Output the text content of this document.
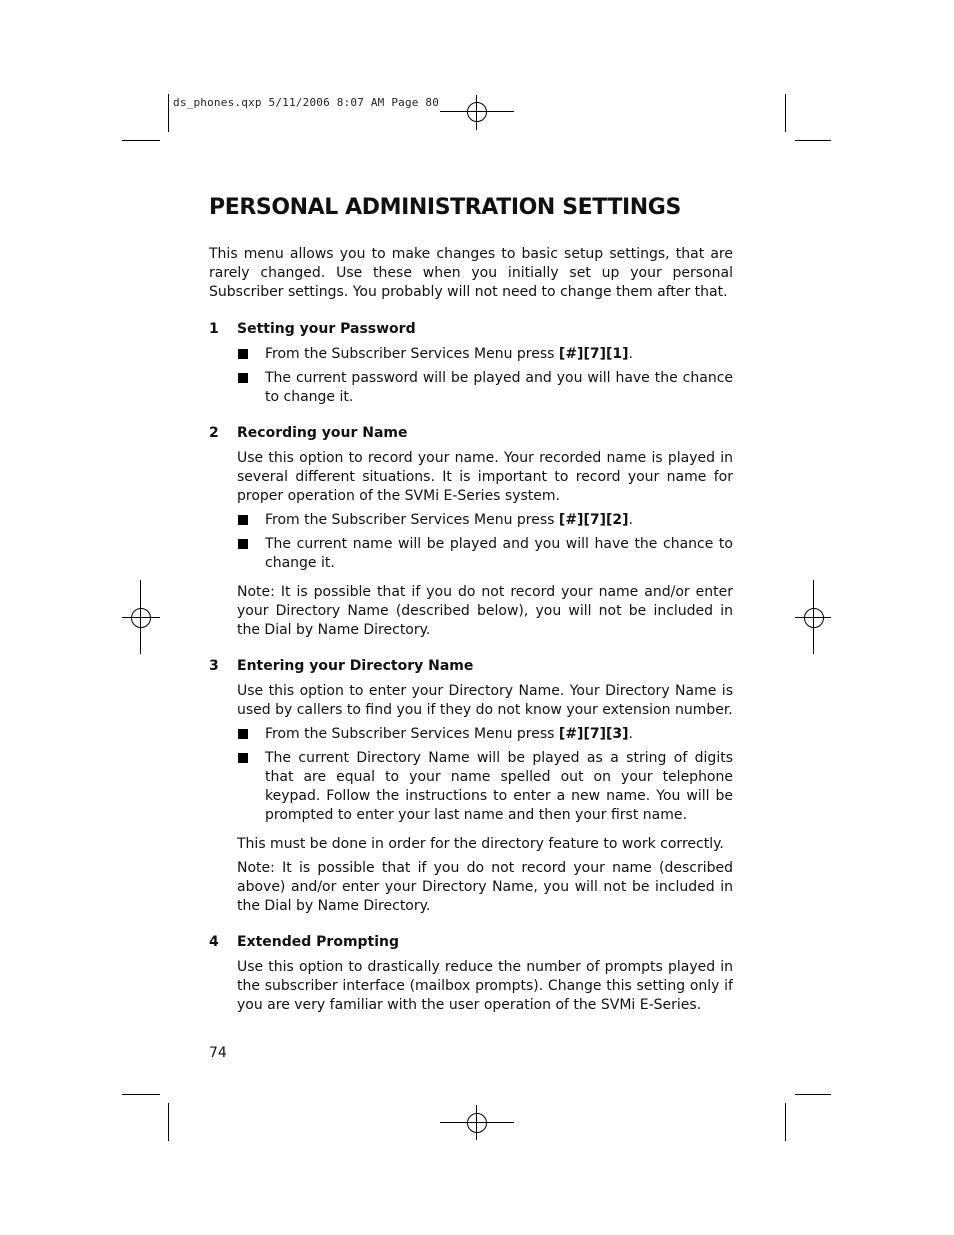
ds_phones.qxp 5/11/2006 8:07 AM Page 80
PERSONAL ADMINISTRATION SETTINGS

This menu allows you to make changes to basic setup settings, that are rarely changed. Use these when you initially set up your personal Subscriber settings. You probably will not need to change them after that.

1	Setting your Password
From the Subscriber Services Menu press [#][7][1].
The current password will be played and you will have the chance to change it.
2	Recording your Name

Use this option to record your name. Your recorded name is played in several different situations. It is important to record your name for proper operation of the SVMi E-Series system.

From the Subscriber Services Menu press [#][7][2].
The current name will be played and you will have the chance to change it.

Note: It is possible that if you do not record your name and/or enter your Directory Name (described below), you will not be included in the Dial by Name Directory.

3	Entering your Directory Name

Use this option to enter your Directory Name. Your Directory Name is used by callers to find you if they do not know your extension number.

From the Subscriber Services Menu press [#][7][3].
The current Directory Name will be played as a string of digits that are equal to your name spelled out on your telephone keypad. Follow the instructions to enter a new name. You will be prompted to enter your last name and then your first name.

This must be done in order for the directory feature to work correctly.

Note: It is possible that if you do not record your name (described above) and/or enter your Directory Name, you will not be included in the Dial by Name Directory.

4	Extended Prompting

Use this option to drastically reduce the number of prompts played in the subscriber interface (mailbox prompts). Change this setting only if you are very familiar with the user operation of the SVMi E-Series.

74
